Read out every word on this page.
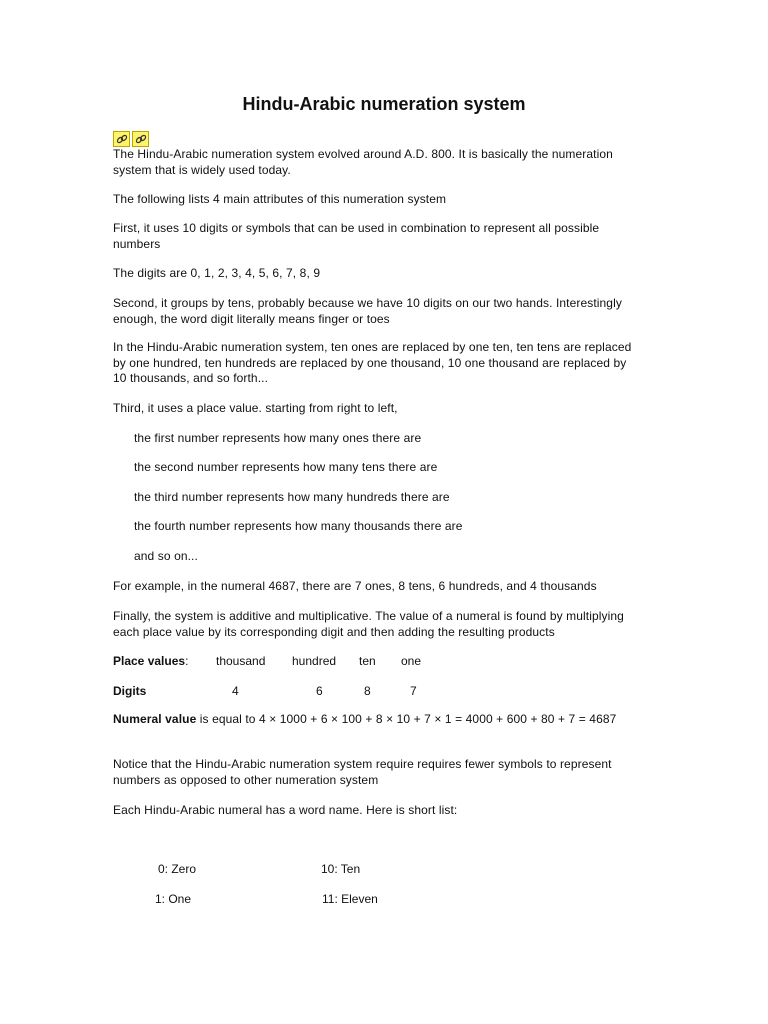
Hindu-Arabic numeration system

The Hindu-Arabic numeration system evolved around A.D. 800. It is basically the numeration system that is widely used today.

The following lists 4 main attributes of this numeration system

First, it uses 10 digits or symbols that can be used in combination to represent all possible numbers

The digits are 0, 1, 2, 3, 4, 5, 6, 7, 8, 9

Second, it groups by tens, probably because we have 10 digits on our two hands. Interestingly enough, the word digit literally means finger or toes

In the Hindu-Arabic numeration system, ten ones are replaced by one ten, ten tens are replaced by one hundred, ten hundreds are replaced by one thousand, 10 one thousand are replaced by 10 thousands, and so forth...

Third, it uses a place value. starting from right to left,

the first number represents how many ones there are

the second number represents how many tens there are

the third number represents how many hundreds there are

the fourth number represents how many thousands there are

and so on...

For example, in the numeral 4687, there are 7 ones, 8 tens, 6 hundreds, and 4 thousands

Finally, the system is additive and multiplicative. The value of a numeral is found by multiplying each place value by its corresponding digit and then adding the resulting products

Place values: thousand hundred ten one
Digits	4	6	8	7

Numeral value is equal to 4 × 1000 + 6 × 100 + 8 × 10 + 7 × 1 = 4000 + 600 + 80 + 7 = 4687

Notice that the Hindu-Arabic numeration system require requires fewer symbols to represent numbers as opposed to other numeration system

Each Hindu-Arabic numeral has a word name. Here is short list:

0: Zero	10: Ten
1: One	11: Eleven
